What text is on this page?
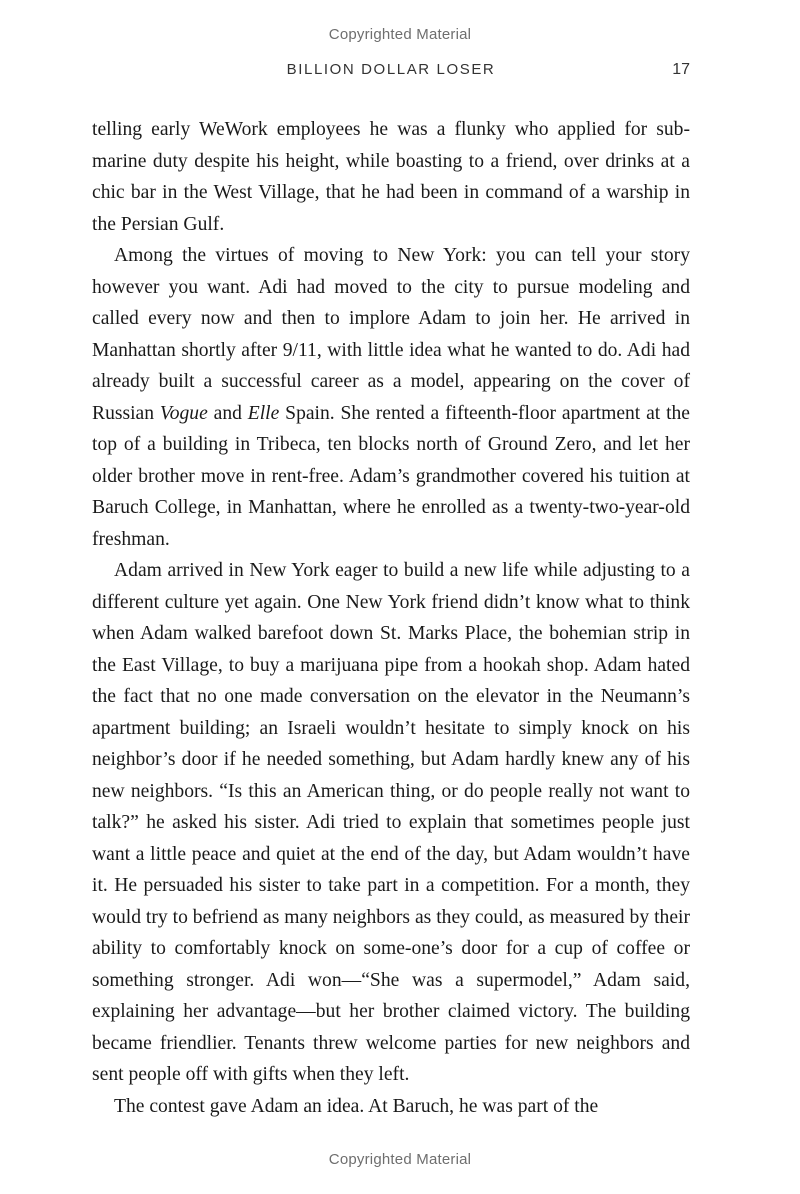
Copyrighted Material
BILLION DOLLAR LOSER	17

telling early WeWork employees he was a flunky who applied for sub-marine duty despite his height, while boasting to a friend, over drinks at a chic bar in the West Village, that he had been in command of a warship in the Persian Gulf.

Among the virtues of moving to New York: you can tell your story however you want. Adi had moved to the city to pursue modeling and called every now and then to implore Adam to join her. He arrived in Manhattan shortly after 9/11, with little idea what he wanted to do. Adi had already built a successful career as a model, appearing on the cover of Russian Vogue and Elle Spain. She rented a fifteenth-floor apartment at the top of a building in Tribeca, ten blocks north of Ground Zero, and let her older brother move in rent-free. Adam’s grandmother covered his tuition at Baruch College, in Manhattan, where he enrolled as a twenty-two-year-old freshman.

Adam arrived in New York eager to build a new life while adjusting to a different culture yet again. One New York friend didn’t know what to think when Adam walked barefoot down St. Marks Place, the bohemian strip in the East Village, to buy a marijuana pipe from a hookah shop. Adam hated the fact that no one made conversation on the elevator in the Neumann’s apartment building; an Israeli wouldn’t hesitate to simply knock on his neighbor’s door if he needed something, but Adam hardly knew any of his new neighbors. “Is this an American thing, or do people really not want to talk?” he asked his sister. Adi tried to explain that sometimes people just want a little peace and quiet at the end of the day, but Adam wouldn’t have it. He persuaded his sister to take part in a competition. For a month, they would try to befriend as many neighbors as they could, as measured by their ability to comfortably knock on some-one’s door for a cup of coffee or something stronger. Adi won—“She was a supermodel,” Adam said, explaining her advantage—but her brother claimed victory. The building became friendlier. Tenants threw welcome parties for new neighbors and sent people off with gifts when they left.

The contest gave Adam an idea. At Baruch, he was part of the

Copyrighted Material
